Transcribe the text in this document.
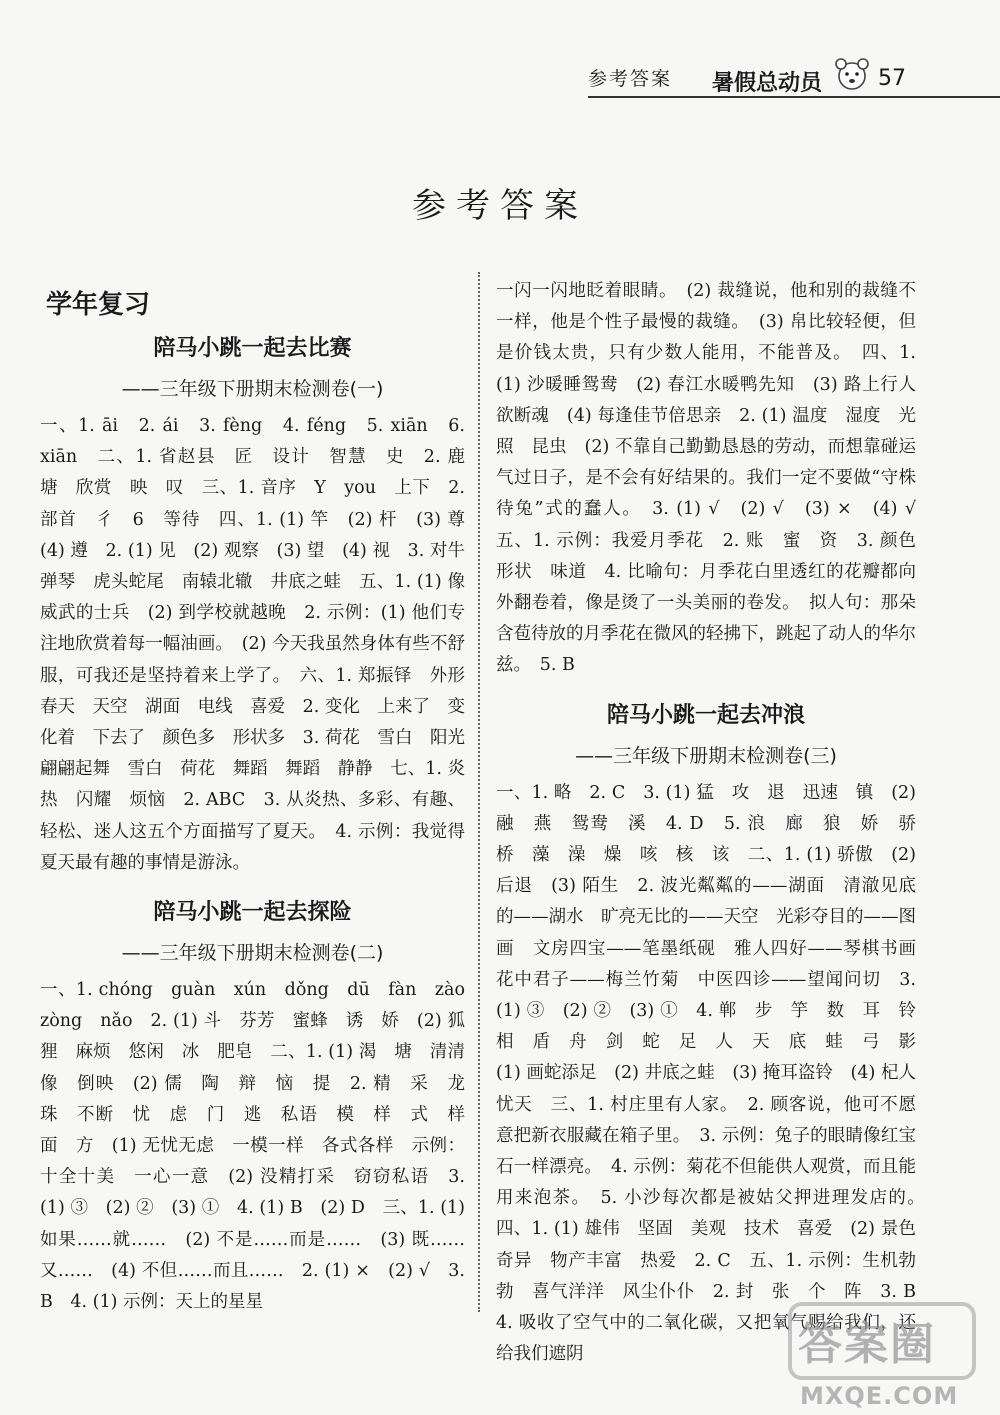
参考答案 暑假总动员	57
参考答案
学年复习
陪马小跳一起去比赛
——三年级下册期末检测卷(一)

一、1. āi　2. ái　3. fèng　4. féng　5. xiān　6. xiān　二、1. 省赵县　匠　设计　智慧　史　2. 鹿　塘　欣赏　映　叹　三、1. 音序　Y　you　上下　2. 部首　彳　6　等待　四、1. (1) 竿　(2) 杆　(3) 尊　(4) 遵　2. (1) 见　(2) 观察　(3) 望　(4) 视　3. 对牛弹琴　虎头蛇尾　南辕北辙　井底之蛙　五、1. (1) 像威武的士兵　(2) 到学校就越晚　2. 示例：(1) 他们专注地欣赏着每一幅油画。　(2) 今天我虽然身体有些不舒服，可我还是坚持着来上学了。　六、1. 郑振铎　外形　春天　天空　湖面　电线　喜爱　2. 变化　上来了　变化着　下去了　颜色多　形状多　3. 荷花　雪白　阳光　翩翩起舞　雪白　荷花　舞蹈　舞蹈　静静　七、1. 炎热　闪耀　烦恼　2. ABC　3. 从炎热、多彩、有趣、轻松、迷人这五个方面描写了夏天。　4. 示例：我觉得夏天最有趣的事情是游泳。

陪马小跳一起去探险
——三年级下册期末检测卷(二)

一、1. chóng　guàn　xún　dǒng　dū　fàn　zào　zòng　nǎo　2. (1) 斗　芬芳　蜜蜂　诱　娇　(2) 狐狸　麻烦　悠闲　冰　肥皂　二、1. (1) 渴　塘　清清　像　倒映　(2) 儒　陶　辩　恼　提　2. 精　采　龙　珠　不断　忧　虑　门　逃　私语　模　样　式　样　面　方　(1) 无忧无虑　一模一样　各式各样　示例：十全十美　一心一意　(2) 没精打采　窃窃私语　3. (1) ③　(2) ②　(3) ①　4. (1) B　(2) D　三、1. (1) 如果……就……　(2) 不是……而是……　(3) 既……又……　(4) 不但……而且……　2. (1) ×　(2) √　3. B　4. (1) 示例：天上的星星

一闪一闪地眨着眼睛。　(2) 裁缝说，他和别的裁缝不一样，他是个性子最慢的裁缝。　(3) 帛比较轻便，但是价钱太贵，只有少数人能用，不能普及。　四、1. (1) 沙暖睡鸳鸯　(2) 春江水暖鸭先知　(3) 路上行人欲断魂　(4) 每逢佳节倍思亲　2. (1) 温度　湿度　光照　昆虫　(2) 不靠自己勤勤恳恳的劳动，而想靠碰运气过日子，是不会有好结果的。我们一定不要做“守株待兔”式的蠢人。　3. (1) √　(2) √　(3) ×　(4) √　五、1. 示例：我爱月季花　2. 账　蜜　资　3. 颜色　形状　味道　4. 比喻句：月季花白里透红的花瓣都向外翻卷着，像是烫了一头美丽的卷发。　拟人句：那朵含苞待放的月季花在微风的轻拂下，跳起了动人的华尔兹。　5. B

陪马小跳一起去冲浪
——三年级下册期末检测卷(三)

一、1. 略　2. C　3. (1) 猛　攻　退　迅速　镇　(2) 融　燕　鸳鸯　溪　4. D　5. 浪　廊　狼　娇　骄　桥　藻　澡　燥　咳　核　该　二、1. (1) 骄傲　(2) 后退　(3) 陌生　2. 波光粼粼的——湖面　清澈见底的——湖水　旷亮无比的——天空　光彩夺目的——图画　文房四宝——笔墨纸砚　雅人四好——琴棋书画　花中君子——梅兰竹菊　中医四诊——望闻问切　3. (1) ③　(2) ②　(3) ①　4. 郸　步　竽　数　耳　铃　相　盾　舟　剑　蛇　足　人　天　底　蛙　弓　影　(1) 画蛇添足　(2) 井底之蛙　(3) 掩耳盗铃　(4) 杞人忧天　三、1. 村庄里有人家。　2. 顾客说，他可不愿意把新衣服藏在箱子里。　3. 示例：兔子的眼睛像红宝石一样漂亮。　4. 示例：菊花不但能供人观赏，而且能用来泡茶。　5. 小沙每次都是被姑父押进理发店的。　四、1. (1) 雄伟　坚固　美观　技术　喜爱　(2) 景色奇异　物产丰富　热爱　2. C　五、1. 示例：生机勃勃　喜气洋洋　风尘仆仆　2. 封　张　个　阵　3. B　4. 吸收了空气中的二氧化碳，又把氧气赐给我们，还给我们遮阴	答案圈
MXQE.COM
